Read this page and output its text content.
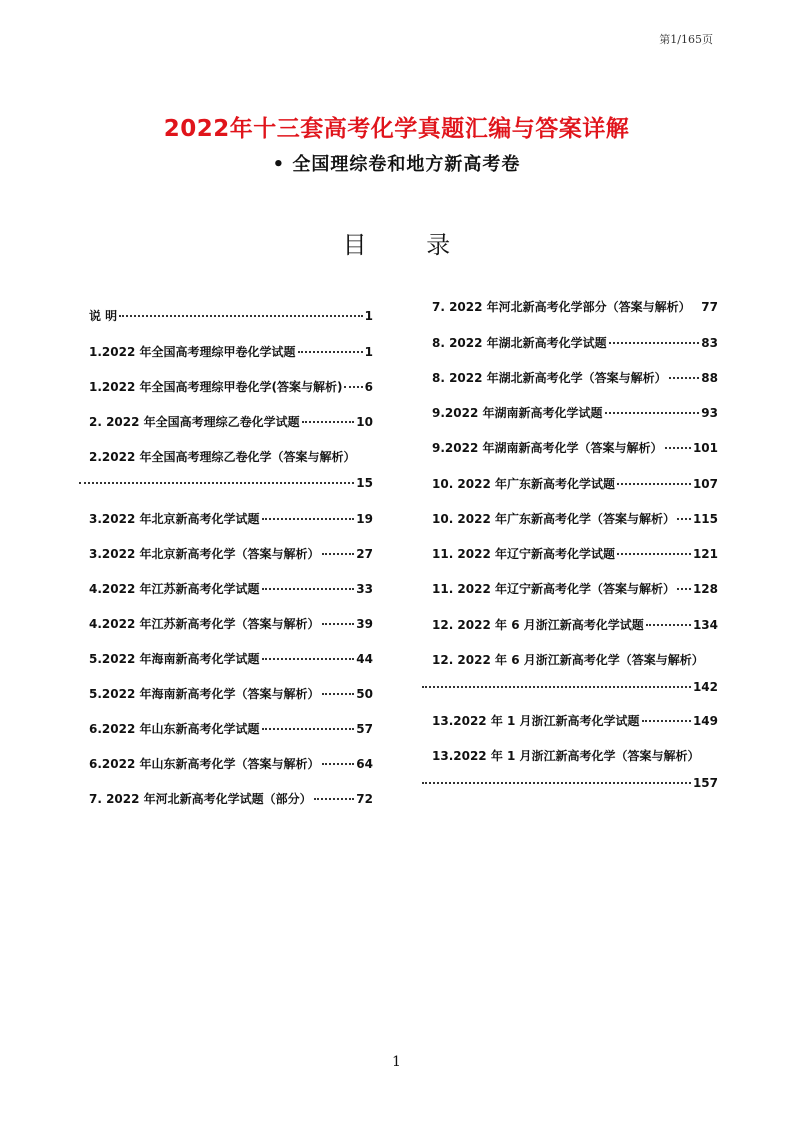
第1/165页
2022年十三套高考化学真题汇编与答案详解
• 全国理综卷和地方新高考卷
目 录
说 明	1
1.2022 年全国高考理综甲卷化学试题	1
1.2022 年全国高考理综甲卷化学(答案与解析) 6
2. 2022 年全国高考理综乙卷化学试题	10
2.2022 年全国高考理综乙卷化学（答案与解析）
15
3.2022 年北京新高考化学试题	19
3.2022 年北京新高考化学（答案与解析）	27
4.2022 年江苏新高考化学试题	33
4.2022 年江苏新高考化学（答案与解析）	39
5.2022 年海南新高考化学试题	44
5.2022 年海南新高考化学（答案与解析）	50
6.2022 年山东新高考化学试题	57
6.2022 年山东新高考化学（答案与解析）	64
7. 2022 年河北新高考化学试题（部分）	72
7. 2022 年河北新高考化学部分（答案与解析） 77
8. 2022 年湖北新高考化学试题	83
8. 2022 年湖北新高考化学（答案与解析）	88
9.2022 年湖南新高考化学试题	93
9.2022 年湖南新高考化学（答案与解析）	101
10. 2022 年广东新高考化学试题	107
10. 2022 年广东新高考化学（答案与解析） 115
11. 2022 年辽宁新高考化学试题	121
11. 2022 年辽宁新高考化学（答案与解析） 128
12. 2022 年 6 月浙江新高考化学试题	134
12. 2022 年 6 月浙江新高考化学（答案与解析）
142
13.2022 年 1 月浙江新高考化学试题	149
13.2022 年 1 月浙江新高考化学（答案与解析）
157
1
